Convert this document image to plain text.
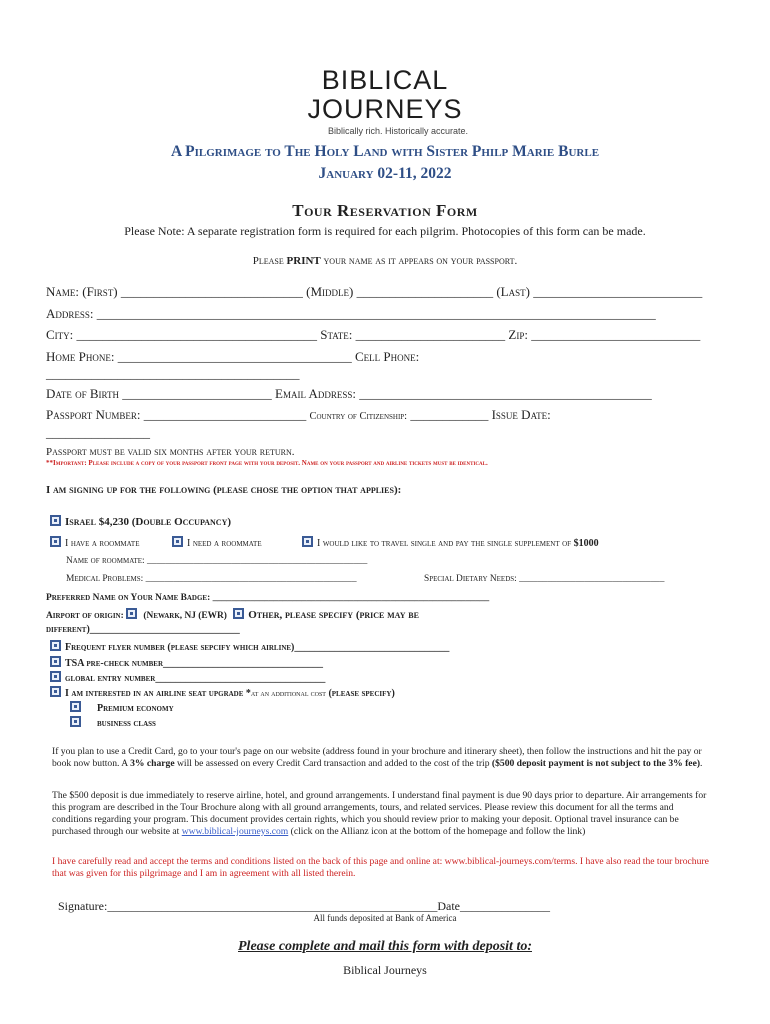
BIBLICAL
JOURNEYS
Biblically rich. Historically accurate.
A Pilgrimage to The Holy Land with Sister Philp Marie Burle
January 02-11, 2022
Tour Reservation Form
Please Note: A separate registration form is required for each pilgrim. Photocopies of this form can be made.
Please PRINT your name as it appears on your passport.
Name: (First) ____________________________ (Middle) _____________________ (Last) __________________________
Address: ______________________________________________________________________________________
City: _____________________________________ State: _______________________ Zip: __________________________
Home Phone: ____________________________________ Cell Phone:
_______________________________________
Date of Birth _______________________ Email Address: _____________________________________________
Passport Number: _________________________ Country of Citizenship: ____________ Issue Date:
________________
Passport must be valid six months after your return.
**Important: Please include a copy of your passport front page with your deposit. Name on your passport and airline tickets must be identical.
I am signing up for the following (please chose the option that applies):
Israel $4,230 (Double Occupancy)
I have a roommate	I need a roommate	I would like to travel single and pay the single supplement of $1000
Name of roommate: _______________________________________________
Medical Problems: _____________________________________________	Special Dietary Needs: _______________________________
Preferred Name on Your Name Badge: ___________________________________________________________
Airport of origin:  (Newark, NJ (EWR) Other, please specify (price may be
different)______________________________
Frequent flyer number (please sepcify which airline)_______________________________
TSA pre-check number________________________________
global entry number__________________________________
I am interested in an airline seat upgrade *at an additional cost (please specify)
Premium economy
business class
If you plan to use a Credit Card, go to your tour's page on our website (address found in your brochure and itinerary sheet), then follow the instructions and hit the pay or book now button. A 3% charge will be assessed on every Credit Card transaction and added to the cost of the trip ($500 deposit payment is not subject to the 3% fee).
The $500 deposit is due immediately to reserve airline, hotel, and ground arrangements. I understand final payment is due 90 days prior to departure. Air arrangements for this program are described in the Tour Brochure along with all ground arrangements, tours, and related services. Please review this document for all the terms and conditions regarding your program. This document provides certain rights, which you should review prior to making your deposit. Optional travel insurance can be purchased through our website at www.biblical-journeys.com (click on the Allianz icon at the bottom of the homepage and follow the link)
I have carefully read and accept the terms and conditions listed on the back of this page and online at: www.biblical-journeys.com/terms. I have also read the tour brochure that was given for this pilgrimage and I am in agreement with all listed therein.
Signature:_______________________________________________________Date_______________
All funds deposited at Bank of America
Please complete and mail this form with deposit to:
Biblical Journeys
